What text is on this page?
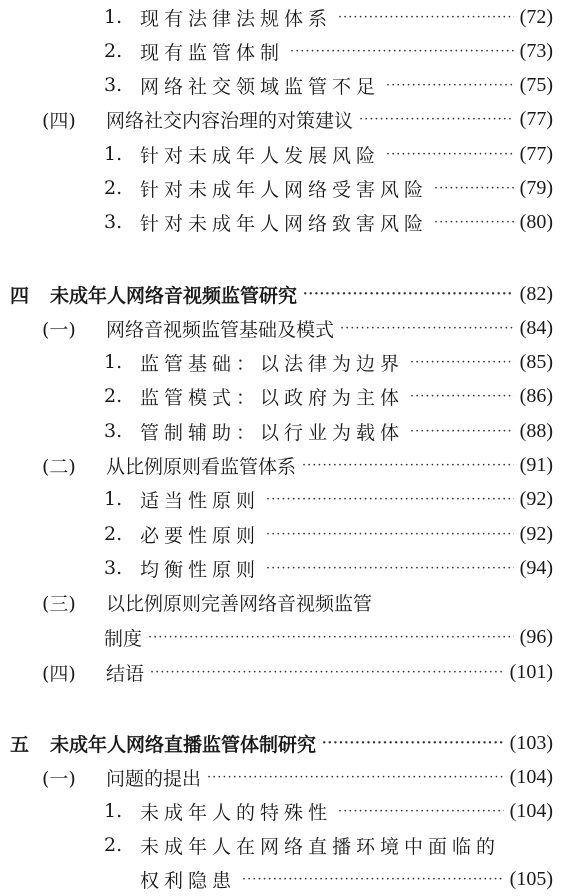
1. 现有法律法规体系 ·····	(72)
2. 现有监管体制 ·····	(73)
3. 网络社交领域监管不足 ·····	(75)
(四)	网络社交内容治理的对策建议 ·····	(77)
1. 针对未成年人发展风险 ·····	(77)
2. 针对未成年人网络受害风险 ·····	(79)
3. 针对未成年人网络致害风险 ·····	(80)
四	未成年人网络音视频监管研究 ·····	(82)
(一)	网络音视频监管基础及模式 ·····	(84)
1. 监管基础：以法律为边界 ·····	(85)
2. 监管模式：以政府为主体 ·····	(86)
3. 管制辅助：以行业为载体 ·····	(88)
(二)	从比例原则看监管体系 ·····	(91)
1. 适当性原则 ·····	(92)
2. 必要性原则 ·····	(92)
3. 均衡性原则 ·····	(94)
(三)	以比例原则完善网络音视频监管
制度 ·····	(96)
(四)	结语 ·····	(101)
五	未成年人网络直播监管体制研究 ·····	(103)
(一)	问题的提出 ·····	(104)
1. 未成年人的特殊性 ·····	(104)
2. 未成年人在网络直播环境中面临的
权利隐患 ·····	(105)
